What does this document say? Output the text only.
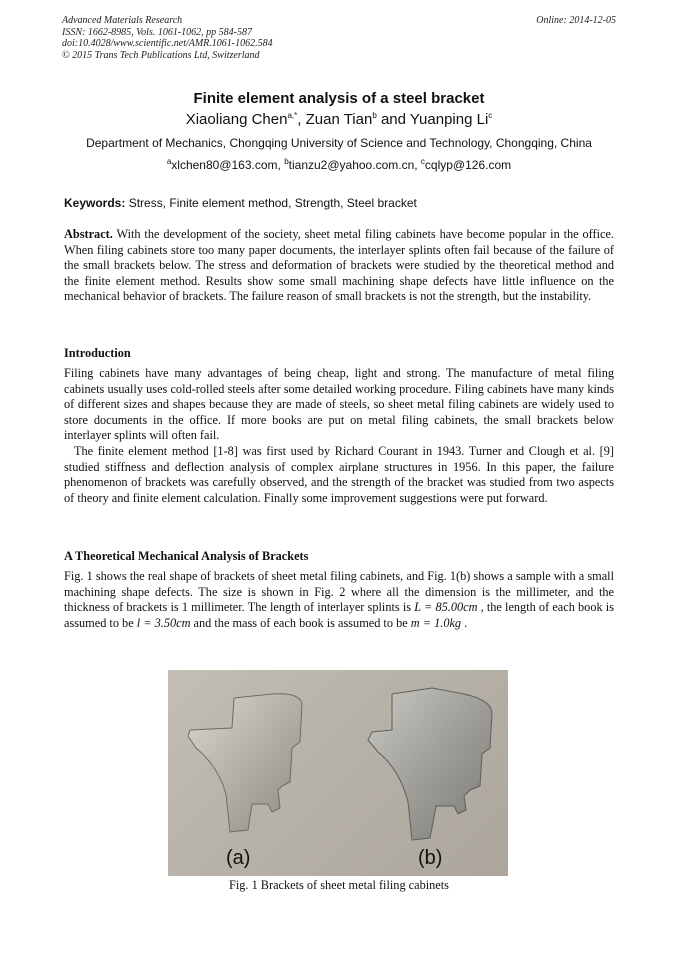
Advanced Materials Research
ISSN: 1662-8985, Vols. 1061-1062, pp 584-587
doi:10.4028/www.scientific.net/AMR.1061-1062.584
© 2015 Trans Tech Publications Ltd, Switzerland
Online: 2014-12-05
Finite element analysis of a steel bracket
Xiaoliang Chen$^{a,*}$, Zuan Tian$^b$ and Yuanping Li$^c$
Department of Mechanics, Chongqing University of Science and Technology, Chongqing, China
$^a$xlchen80@163.com, $^b$tianzu2@yahoo.com.cn, $^c$cqlyp@126.com
Keywords: Stress, Finite element method, Strength, Steel bracket

Abstract. With the development of the society, sheet metal filing cabinets have become popular in the office. When filing cabinets store too many paper documents, the interlayer splints often fail because of the failure of the small brackets below. The stress and deformation of brackets were studied by the theoretical method and the finite element method. Results show some small machining shape defects have little influence on the mechanical behavior of brackets. The failure reason of small brackets is not the strength, but the instability.

Introduction

Filing cabinets have many advantages of being cheap, light and strong. The manufacture of metal filing cabinets usually uses cold-rolled steels after some detailed working procedure. Filing cabinets have many kinds of different sizes and shapes because they are made of steels, so sheet metal filing cabinets are widely used to store documents in the office. If more books are put on metal filing cabinets, the small brackets below interlayer splints will often fail.

The finite element method [1-8] was first used by Richard Courant in 1943. Turner and Clough et al. [9] studied stiffness and deflection analysis of complex airplane structures in 1956. In this paper, the failure phenomenon of brackets was carefully observed, and the strength of the bracket was studied from two aspects of theory and finite element calculation. Finally some improvement suggestions were put forward.

A Theoretical Mechanical Analysis of Brackets

Fig. 1 shows the real shape of brackets of sheet metal filing cabinets, and Fig. 1(b) shows a sample with a small machining shape defects. The size is shown in Fig. 2 where all the dimension is the millimeter, and the thickness of brackets is 1 millimeter. The length of interlayer splints is L = 85.00cm , the length of each book is assumed to be l = 3.50cm and the mass of each book is assumed to be m = 1.0kg .

(a)	(b)
Fig. 1 Brackets of sheet metal filing cabinets
